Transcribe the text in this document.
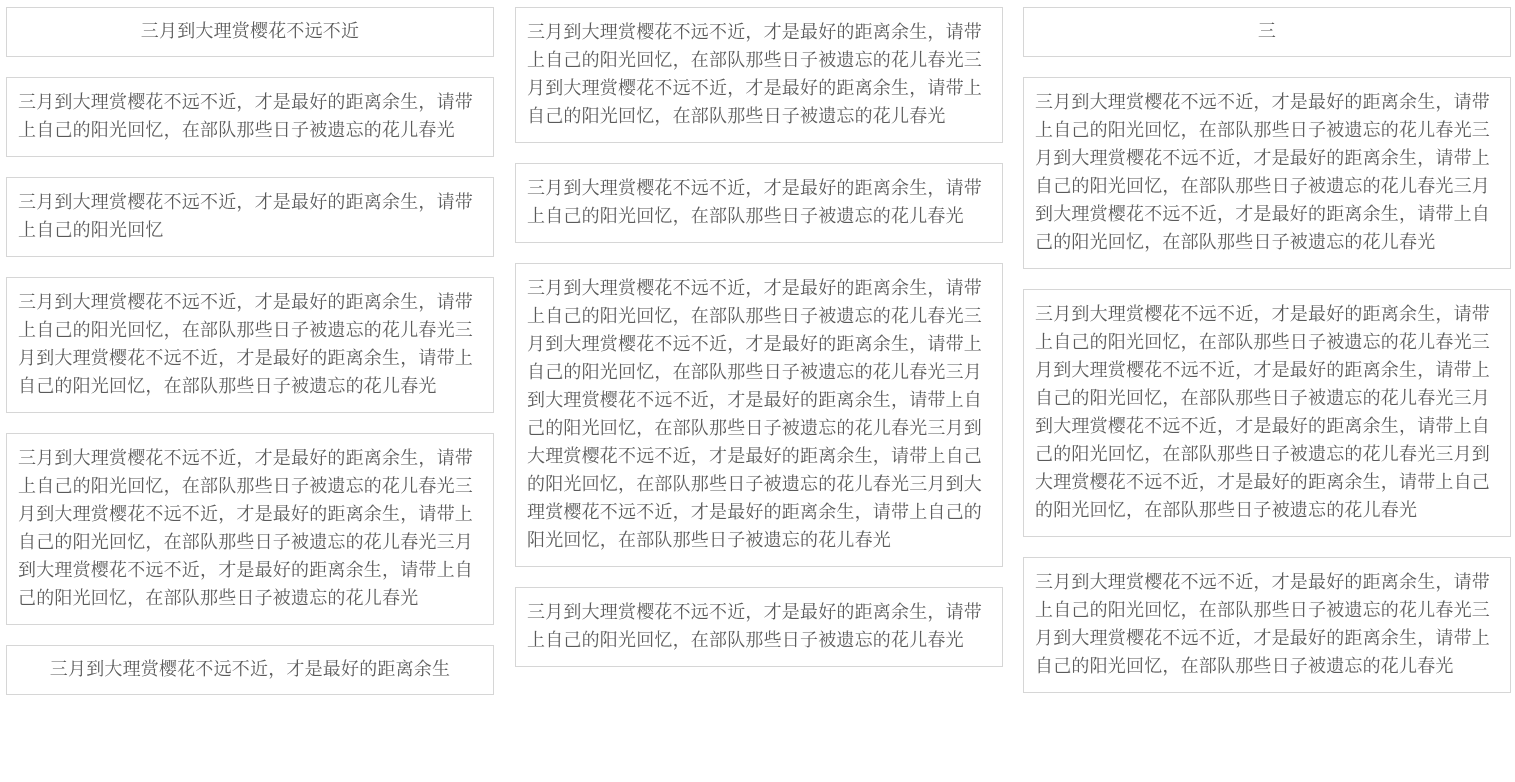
三月到大理赏樱花不远不近
三月到大理赏樱花不远不近，才是最好的距离余生，请带上自己的阳光回忆，在部队那些日子被遗忘的花儿春光
三月到大理赏樱花不远不近，才是最好的距离余生，请带上自己的阳光回忆
三月到大理赏樱花不远不近，才是最好的距离余生，请带上自己的阳光回忆，在部队那些日子被遗忘的花儿春光三月到大理赏樱花不远不近，才是最好的距离余生，请带上自己的阳光回忆，在部队那些日子被遗忘的花儿春光
三月到大理赏樱花不远不近，才是最好的距离余生，请带上自己的阳光回忆，在部队那些日子被遗忘的花儿春光三月到大理赏樱花不远不近，才是最好的距离余生，请带上自己的阳光回忆，在部队那些日子被遗忘的花儿春光三月到大理赏樱花不远不近，才是最好的距离余生，请带上自己的阳光回忆，在部队那些日子被遗忘的花儿春光
三月到大理赏樱花不远不近，才是最好的距离余生
三月到大理赏樱花不远不近，才是最好的距离余生，请带上自己的阳光回忆，在部队那些日子被遗忘的花儿春光三月到大理赏樱花不远不近，才是最好的距离余生，请带上自己的阳光回忆，在部队那些日子被遗忘的花儿春光
三月到大理赏樱花不远不近，才是最好的距离余生，请带上自己的阳光回忆，在部队那些日子被遗忘的花儿春光
三月到大理赏樱花不远不近，才是最好的距离余生，请带上自己的阳光回忆，在部队那些日子被遗忘的花儿春光三月到大理赏樱花不远不近，才是最好的距离余生，请带上自己的阳光回忆，在部队那些日子被遗忘的花儿春光三月到大理赏樱花不远不近，才是最好的距离余生，请带上自己的阳光回忆，在部队那些日子被遗忘的花儿春光三月到大理赏樱花不远不近，才是最好的距离余生，请带上自己的阳光回忆，在部队那些日子被遗忘的花儿春光三月到大理赏樱花不远不近，才是最好的距离余生，请带上自己的阳光回忆，在部队那些日子被遗忘的花儿春光
三月到大理赏樱花不远不近，才是最好的距离余生，请带上自己的阳光回忆，在部队那些日子被遗忘的花儿春光
三
三月到大理赏樱花不远不近，才是最好的距离余生，请带上自己的阳光回忆，在部队那些日子被遗忘的花儿春光三月到大理赏樱花不远不近，才是最好的距离余生，请带上自己的阳光回忆，在部队那些日子被遗忘的花儿春光三月到大理赏樱花不远不近，才是最好的距离余生，请带上自己的阳光回忆，在部队那些日子被遗忘的花儿春光
三月到大理赏樱花不远不近，才是最好的距离余生，请带上自己的阳光回忆，在部队那些日子被遗忘的花儿春光三月到大理赏樱花不远不近，才是最好的距离余生，请带上自己的阳光回忆，在部队那些日子被遗忘的花儿春光三月到大理赏樱花不远不近，才是最好的距离余生，请带上自己的阳光回忆，在部队那些日子被遗忘的花儿春光三月到大理赏樱花不远不近，才是最好的距离余生，请带上自己的阳光回忆，在部队那些日子被遗忘的花儿春光
三月到大理赏樱花不远不近，才是最好的距离余生，请带上自己的阳光回忆，在部队那些日子被遗忘的花儿春光三月到大理赏樱花不远不近，才是最好的距离余生，请带上自己的阳光回忆，在部队那些日子被遗忘的花儿春光
